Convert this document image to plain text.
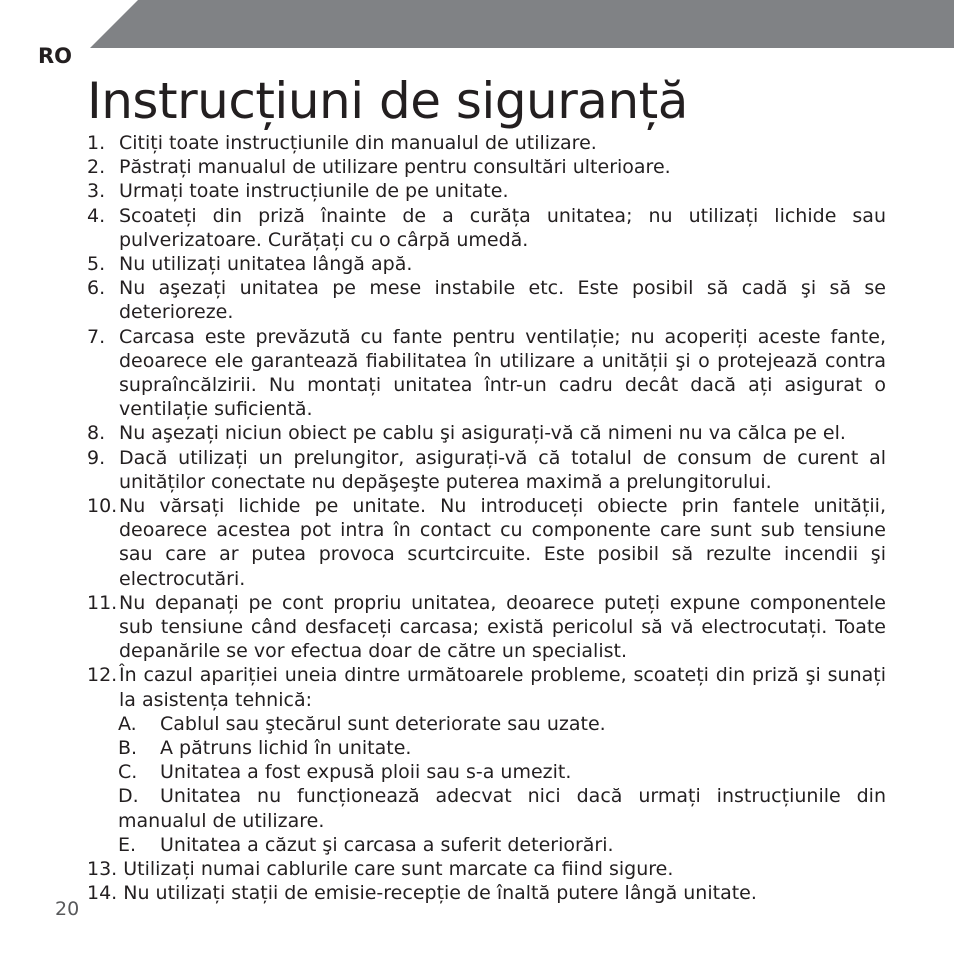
RO
Instrucțiuni de siguranță
1. Citiți toate instrucțiunile din manualul de utilizare.
2. Păstrați manualul de utilizare pentru consultări ulterioare.
3. Urmați toate instrucțiunile de pe unitate.
4. Scoateți din priză înainte de a curăța unitatea; nu utilizați lichide sau pulverizatoare. Curățați cu o cârpă umedă.
5. Nu utilizați unitatea lângă apă.
6. Nu aşezați unitatea pe mese instabile etc. Este posibil să cadă şi să se deterioreze.
7. Carcasa este prevăzută cu fante pentru ventilație; nu acoperiți aceste fante, deoarece ele garantează fiabilitatea în utilizare a unității şi o protejează contra supraîncălzirii. Nu montați unitatea într-un cadru decât dacă ați asigurat o ventilație suficientă.
8. Nu aşezați niciun obiect pe cablu şi asigurați-vă că nimeni nu va călca pe el.
9. Dacă utilizați un prelungitor, asigurați-vă că totalul de consum de curent al unităților conectate nu depăşeşte puterea maximă a prelungitorului.
10. Nu vărsați lichide pe unitate. Nu introduceți obiecte prin fantele unității, deoarece acestea pot intra în contact cu componente care sunt sub tensiune sau care ar putea provoca scurtcircuite. Este posibil să rezulte incendii şi electrocutări.
11. Nu depanați pe cont propriu unitatea, deoarece puteți expune componentele sub tensiune când desfaceți carcasa; există pericolul să vă electrocutați. Toate depanările se vor efectua doar de către un specialist.
12. În cazul apariției uneia dintre următoarele probleme, scoateți din priză şi sunați la asistența tehnică:
A. Cablul sau ştecărul sunt deteriorate sau uzate.
B. A pătruns lichid în unitate.
C. Unitatea a fost expusă ploii sau s-a umezit.
D. Unitatea nu funcționează adecvat nici dacă urmați instrucțiunile din manualul de utilizare.
E. Unitatea a căzut şi carcasa a suferit deteriorări.
13. Utilizați numai cablurile care sunt marcate ca fiind sigure.
14. Nu utilizați stații de emisie-recepție de înaltă putere lângă unitate.
20
